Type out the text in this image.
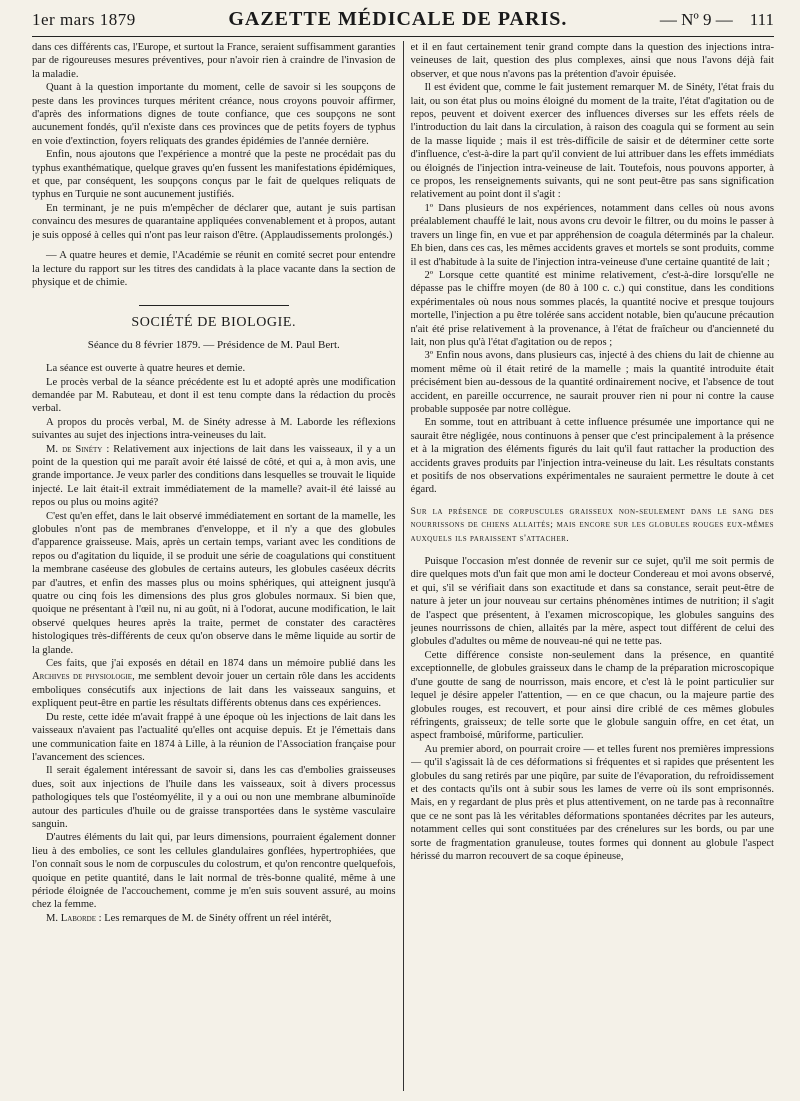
1er mars 1879	GAZETTE MÉDICALE DE PARIS.	— Nº 9 — 111

dans ces différents cas, l'Europe, et surtout la France, seraient suffisamment garanties par de rigoureuses mesures préventives, pour n'avoir rien à craindre de l'invasion de la maladie.

Quant à la question importante du moment, celle de savoir si les soupçons de peste dans les provinces turques méritent créance, nous croyons pouvoir affirmer, d'après des informations dignes de toute confiance, que ces soupçons ne sont aucunement fondés, qu'il n'existe dans ces provinces que de petits foyers de typhus en voie d'extinction, foyers reliquats des grandes épidémies de l'année dernière.

Enfin, nous ajoutons que l'expérience a montré que la peste ne procédait pas du typhus exanthématique, quelque graves qu'en fussent les manifestations épidémiques, et que, par conséquent, les soupçons conçus par le fait de quelques reliquats de typhus en Turquie ne sont aucunement justifiés.

En terminant, je ne puis m'empêcher de déclarer que, autant je suis partisan convaincu des mesures de quarantaine appliquées convenablement et à propos, autant je suis opposé à celles qui n'ont pas leur raison d'être. (Applaudissements prolongés.)

— A quatre heures et demie, l'Académie se réunit en comité secret pour entendre la lecture du rapport sur les titres des candidats à la place vacante dans la section de physique et de chimie.

SOCIÉTÉ DE BIOLOGIE.
Séance du 8 février 1879. — Présidence de M. Paul Bert.

La séance est ouverte à quatre heures et demie.

Le procès verbal de la séance précédente est lu et adopté après une modification demandée par M. Rabuteau, et dont il est tenu compte dans la rédaction du procès verbal.

A propos du procès verbal, M. de Sinéty adresse à M. Laborde les réflexions suivantes au sujet des injections intra-veineuses du lait.

M. de Sinéty : Relativement aux injections de lait dans les vaisseaux, il y a un point de la question qui me paraît avoir été laissé de côté, et qui a, à mon avis, une grande importance. Je veux parler des conditions dans lesquelles se trouvait le liquide injecté. Le lait était-il extrait immédiatement de la mamelle? avait-il été laissé au repos ou plus ou moins agité?

C'est qu'en effet, dans le lait observé immédiatement en sortant de la mamelle, les globules n'ont pas de membranes d'enveloppe, et il n'y a que des globules d'apparence graisseuse. Mais, après un certain temps, variant avec les conditions de repos ou d'agitation du liquide, il se produit une série de coagulations qui constituent la membrane caséeuse des globules de certains auteurs, les globules caséeux décrits par d'autres, et enfin des masses plus ou moins sphériques, qui atteignent jusqu'à quatre ou cinq fois les dimensions des plus gros globules normaux. Si bien que, quoique ne présentant à l'œil nu, ni au goût, ni à l'odorat, aucune modification, le lait observé quelques heures après la traite, permet de constater des caractères histologiques très-différents de ceux qu'on observe dans le même liquide au sortir de la glande.

Ces faits, que j'ai exposés en détail en 1874 dans un mémoire publié dans les Archives de physiologie, me semblent devoir jouer un certain rôle dans les accidents emboliques consécutifs aux injections de lait dans les vaisseaux sanguins, et expliquent peut-être en partie les résultats différents obtenus dans ces expériences.

Du reste, cette idée m'avait frappé à une époque où les injections de lait dans les vaisseaux n'avaient pas l'actualité qu'elles ont acquise depuis. Et je l'émettais dans une communication faite en 1874 à Lille, à la réunion de l'Association française pour l'avancement des sciences.

Il serait également intéressant de savoir si, dans les cas d'embolies graisseuses dues, soit aux injections de l'huile dans les vaisseaux, soit à divers processus pathologiques tels que l'ostéomyélite, il y a oui ou non une membrane albuminoïde autour des particules d'huile ou de graisse transportées dans le système vasculaire sanguin.

D'autres éléments du lait qui, par leurs dimensions, pourraient également donner lieu à des embolies, ce sont les cellules glandulaires gonflées, hypertrophiées, que l'on connaît sous le nom de corpuscules du colostrum, et qu'on rencontre quelquefois, quoique en petite quantité, dans le lait normal de très-bonne qualité, même à une période éloignée de l'accouchement, comme je m'en suis souvent assuré, au moins chez la femme.

M. Laborde : Les remarques de M. de Sinéty offrent un réel intérêt,

et il en faut certainement tenir grand compte dans la question des injections intra-veineuses de lait, question des plus complexes, ainsi que nous l'avons déjà fait observer, et que nous n'avons pas la prétention d'avoir épuisée.

Il est évident que, comme le fait justement remarquer M. de Sinéty, l'état frais du lait, ou son état plus ou moins éloigné du moment de la traite, l'état d'agitation ou de repos, peuvent et doivent exercer des influences diverses sur les effets réels de l'introduction du lait dans la circulation, à raison des coagula qui se forment au sein de la masse liquide ; mais il est très-difficile de saisir et de déterminer cette sorte d'influence, c'est-à-dire la part qu'il convient de lui attribuer dans les effets immédiats ou éloignés de l'injection intra-veineuse de lait. Toutefois, nous pouvons apporter, à ce propos, les renseignements suivants, qui ne sont peut-être pas sans signification relativement au point dont il s'agit :

1º Dans plusieurs de nos expériences, notamment dans celles où nous avons préalablement chauffé le lait, nous avons cru devoir le filtrer, ou du moins le passer à travers un linge fin, en vue et par appréhension de coagula déterminés par la chaleur. Eh bien, dans ces cas, les mêmes accidents graves et mortels se sont produits, comme il est d'habitude à la suite de l'injection intra-veineuse d'une certaine quantité de lait ;

2º Lorsque cette quantité est minime relativement, c'est-à-dire lorsqu'elle ne dépasse pas le chiffre moyen (de 80 à 100 c. c.) qui constitue, dans les conditions expérimentales où nous nous sommes placés, la quantité nocive et presque toujours mortelle, l'injection a pu être tolérée sans accident notable, bien qu'aucune précaution n'ait été prise relativement à la provenance, à l'état de fraîcheur ou d'ancienneté du lait, non plus qu'à l'état d'agitation ou de repos ;

3º Enfin nous avons, dans plusieurs cas, injecté à des chiens du lait de chienne au moment même où il était retiré de la mamelle ; mais la quantité introduite était précisément bien au-dessous de la quantité ordinairement nocive, et l'absence de tout accident, en pareille occurrence, ne saurait prouver rien ni pour ni contre la cause probable supposée par notre collègue.

En somme, tout en attribuant à cette influence présumée une importance qui ne saurait être négligée, nous continuons à penser que c'est principalement à la présence et à la migration des éléments figurés du lait qu'il faut rattacher la production des accidents graves produits par l'injection intra-veineuse du lait. Les résultats constants et positifs de nos observations expérimentales ne sauraient permettre le doute à cet égard.

Sur la présence de corpuscules graisseux non-seulement dans le sang des nourrissons de chiens allaités; mais encore sur les globules rouges eux-mêmes auxquels ils paraissent s'attacher.

Puisque l'occasion m'est donnée de revenir sur ce sujet, qu'il me soit permis de dire quelques mots d'un fait que mon ami le docteur Condereau et moi avons observé, et qui, s'il se vérifiait dans son exactitude et dans sa constance, serait peut-être de nature à jeter un jour nouveau sur certains phénomènes intimes de nutrition; il s'agit de l'aspect que présentent, à l'examen microscopique, les globules sanguins des jeunes nourrissons de chien, allaités par la mère, aspect tout différent de celui des globules d'adultes ou même de nouveau-né qui ne tette pas.

Cette différence consiste non-seulement dans la présence, en quantité exceptionnelle, de globules graisseux dans le champ de la préparation microscopique d'une goutte de sang de nourrisson, mais encore, et c'est là le point particulier sur lequel je désire appeler l'attention, — en ce que chacun, ou la majeure partie des globules rouges, est recouvert, et pour ainsi dire criblé de ces mêmes globules réfringents, graisseux; de telle sorte que le globule sanguin offre, en cet état, un aspect framboisé, mûriforme, particulier.

Au premier abord, on pourrait croire — et telles furent nos premières impressions — qu'il s'agissait là de ces déformations si fréquentes et si rapides que présentent les globules du sang retirés par une piqûre, par suite de l'évaporation, du refroidissement et des contacts qu'ils ont à subir sous les lames de verre où ils sont emprisonnés. Mais, en y regardant de plus près et plus attentivement, on ne tarde pas à reconnaître que ce ne sont pas là les véritables déformations spontanées décrites par les auteurs, notamment celles qui sont constituées par des crénelures sur les bords, ou par une sorte de fragmentation granuleuse, toutes formes qui donnent au globule l'aspect hérissé du marron recouvert de sa coque épineuse,
